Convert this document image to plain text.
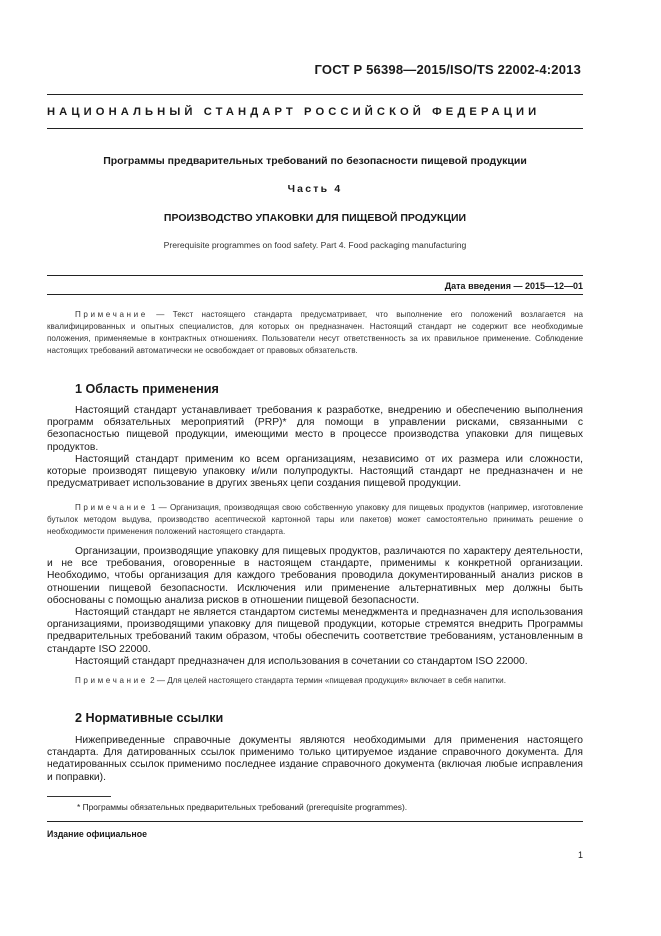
ГОСТ Р 56398—2015/ISO/TS 22002-4:2013
НАЦИОНАЛЬНЫЙ СТАНДАРТ РОССИЙСКОЙ ФЕДЕРАЦИИ
Программы предварительных требований по безопасности пищевой продукции
Часть 4
ПРОИЗВОДСТВО УПАКОВКИ ДЛЯ ПИЩЕВОЙ ПРОДУКЦИИ
Prerequisite programmes on food safety. Part 4. Food packaging manufacturing
Дата введения — 2015—12—01

Примечание — Текст настоящего стандарта предусматривает, что выполнение его положений возлагается на квалифицированных и опытных специалистов, для которых он предназначен. Настоящий стандарт не содержит все необходимые положения, применяемые в контрактных отношениях. Пользователи несут ответственность за их правильное применение. Соблюдение настоящих требований автоматически не освобождает от правовых обязательств.

1 Область применения

Настоящий стандарт устанавливает требования к разработке, внедрению и обеспечению выполнения программ обязательных мероприятий (PRP)* для помощи в управлении рисками, связанными с безопасностью пищевой продукции, имеющими место в процессе производства упаковки для пищевых продуктов.

Настоящий стандарт применим ко всем организациям, независимо от их размера или сложности, которые производят пищевую упаковку и/или полупродукты. Настоящий стандарт не предназначен и не предусматривает использование в других звеньях цепи создания пищевой продукции.

Примечание 1 — Организация, производящая свою собственную упаковку для пищевых продуктов (например, изготовление бутылок методом выдува, производство асептической картонной тары или пакетов) может самостоятельно принимать решение о необходимости применения положений настоящего стандарта.

Организации, производящие упаковку для пищевых продуктов, различаются по характеру деятельности, и не все требования, оговоренные в настоящем стандарте, применимы к конкретной организации. Необходимо, чтобы организация для каждого требования проводила документированный анализ рисков в отношении пищевой безопасности. Исключения или применение альтернативных мер должны быть обоснованы с помощью анализа рисков в отношении пищевой безопасности.

Настоящий стандарт не является стандартом системы менеджмента и предназначен для использования организациями, производящими упаковку для пищевой продукции, которые стремятся внедрить Программы предварительных требований таким образом, чтобы обеспечить соответствие требованиям, установленным в стандарте ISO 22000.

Настоящий стандарт предназначен для использования в сочетании со стандартом ISO 22000.

Примечание 2 — Для целей настоящего стандарта термин «пищевая продукция» включает в себя напитки.

2 Нормативные ссылки

Нижеприведенные справочные документы являются необходимыми для применения настоящего стандарта. Для датированных ссылок применимо только цитируемое издание справочного документа. Для недатированных ссылок применимо последнее издание справочного документа (включая любые исправления и поправки).

* Программы обязательных предварительных требований (prerequisite programmes).
Издание официальное
1
